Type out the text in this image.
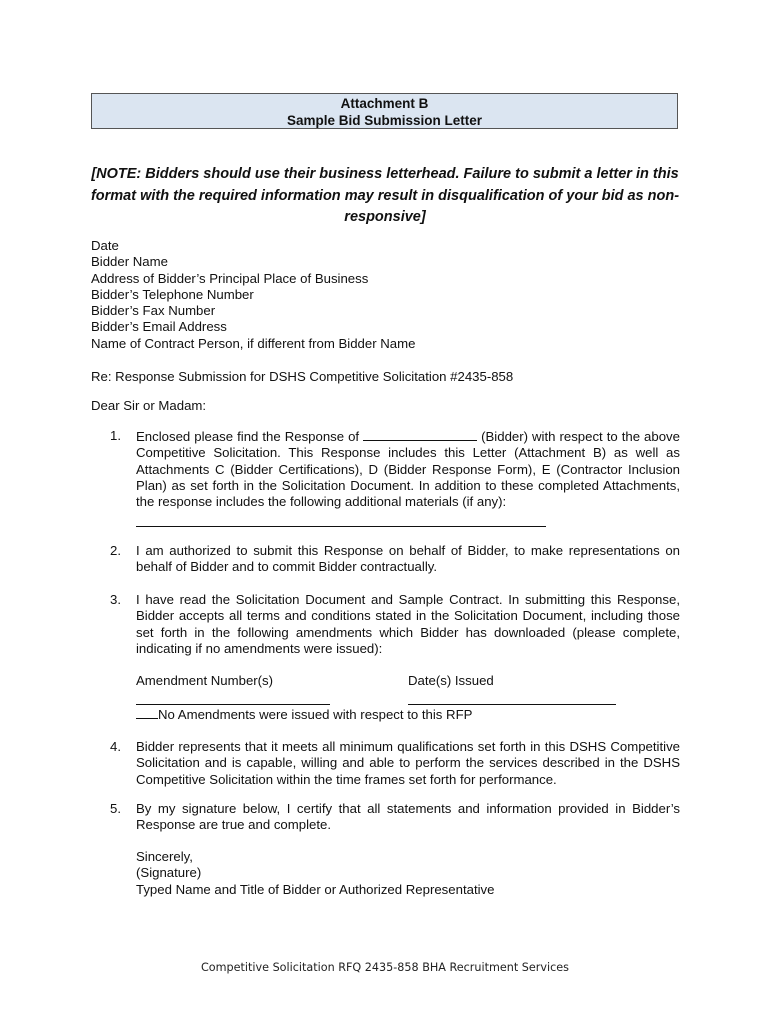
Attachment B
Sample Bid Submission Letter
[NOTE: Bidders should use their business letterhead. Failure to submit a letter in this format with the required information may result in disqualification of your bid as non-responsive]
Date
Bidder Name
Address of Bidder’s Principal Place of Business
Bidder’s Telephone Number
Bidder’s Fax Number
Bidder’s Email Address
Name of Contract Person, if different from Bidder Name
Re: Response Submission for DSHS Competitive Solicitation #2435-858
Dear Sir or Madam:
1.	Enclosed please find the Response of	(Bidder) with respect to the above Competitive Solicitation. This Response includes this Letter (Attachment B) as well as Attachments C (Bidder Certifications), D (Bidder Response Form), E (Contractor Inclusion Plan) as set forth in the Solicitation Document. In addition to these completed Attachments, the response includes the following additional materials (if any):
2.	I am authorized to submit this Response on behalf of Bidder, to make representations on behalf of Bidder and to commit Bidder contractually.
3.	I have read the Solicitation Document and Sample Contract. In submitting this Response, Bidder accepts all terms and conditions stated in the Solicitation Document, including those set forth in the following amendments which Bidder has downloaded (please complete, indicating if no amendments were issued):
Amendment Number(s)	Date(s) Issued
No Amendments were issued with respect to this RFP
4.	Bidder represents that it meets all minimum qualifications set forth in this DSHS Competitive Solicitation and is capable, willing and able to perform the services described in the DSHS Competitive Solicitation within the time frames set forth for performance.
5.	By my signature below, I certify that all statements and information provided in Bidder’s Response are true and complete.
Sincerely,
(Signature)
Typed Name and Title of Bidder or Authorized Representative
Competitive Solicitation RFQ 2435-858 BHA Recruitment Services
